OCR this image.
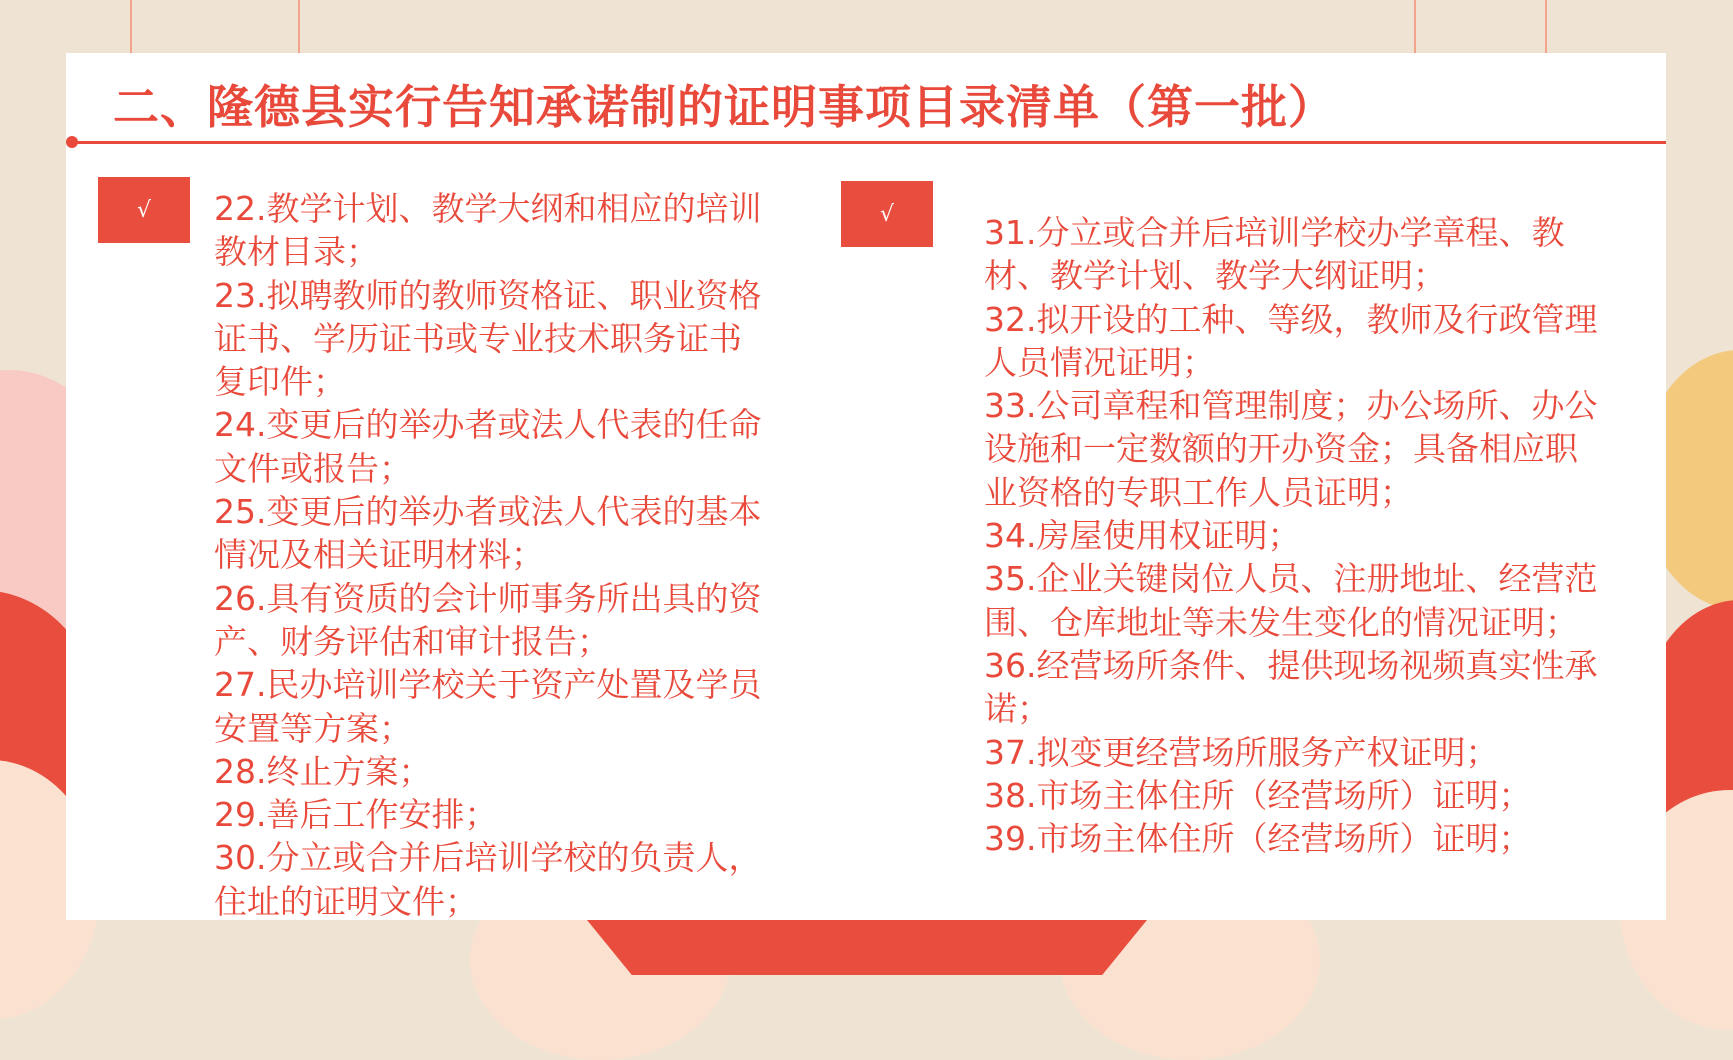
二、隆德县实行告知承诺制的证明事项目录清单（第一批）
√ 22.教学计划、教学大纲和相应的培训教材目录；

23.拟聘教师的教师资格证、职业资格证书、学历证书或专业技术职务证书复印件；

24.变更后的举办者或法人代表的任命文件或报告；

25.变更后的举办者或法人代表的基本情况及相关证明材料；

26.具有资质的会计师事务所出具的资产、财务评估和审计报告；

27.民办培训学校关于资产处置及学员安置等方案；

28.终止方案；

29.善后工作安排；

30.分立或合并后培训学校的负责人，住址的证明文件；

√	31.分立或合并后培训学校办学章程、教材、教学计划、教学大纲证明；

32.拟开设的工种、等级，教师及行政管理人员情况证明；

33.公司章程和管理制度；办公场所、办公设施和一定数额的开办资金；具备相应职业资格的专职工作人员证明；

34.房屋使用权证明；

35.企业关键岗位人员、注册地址、经营范围、仓库地址等未发生变化的情况证明；

36.经营场所条件、提供现场视频真实性承诺；

37.拟变更经营场所服务产权证明；

38.市场主体住所（经营场所）证明；

39.市场主体住所（经营场所）证明；
